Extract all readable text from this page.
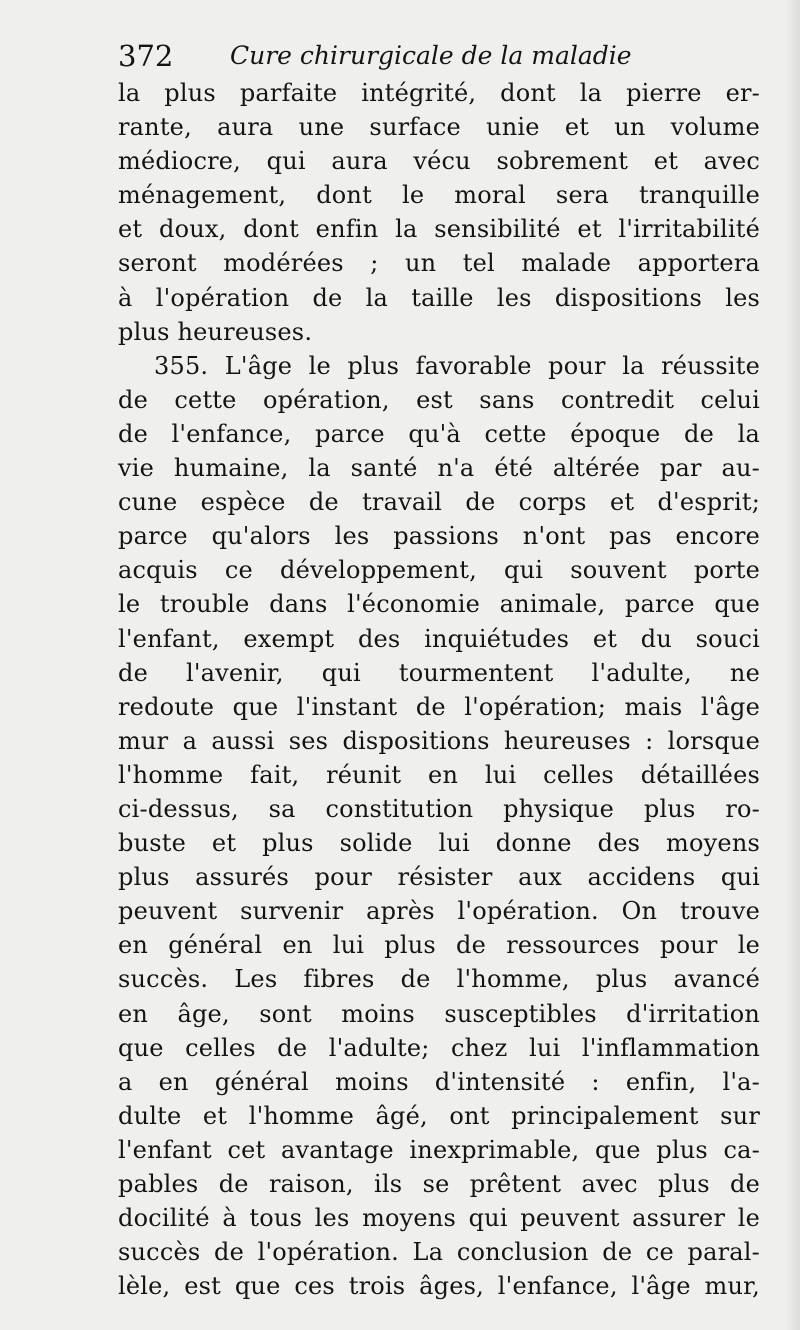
372 Cure chirurgicale de la maladie
la plus parfaite intégrité, dont la pierre er-
rante, aura une surface unie et un volume
médiocre, qui aura vécu sobrement et avec
ménagement, dont le moral sera tranquille
et doux, dont enfin la sensibilité et l'irritabilité
seront modérées ; un tel malade apportera
à l'opération de la taille les dispositions les
plus heureuses.
355. L'âge le plus favorable pour la réussite
de cette opération, est sans contredit celui
de l'enfance, parce qu'à cette époque de la
vie humaine, la santé n'a été altérée par au-
cune espèce de travail de corps et d'esprit;
parce qu'alors les passions n'ont pas encore
acquis ce développement, qui souvent porte
le trouble dans l'économie animale, parce que
l'enfant, exempt des inquiétudes et du souci
de l'avenir, qui tourmentent l'adulte, ne
redoute que l'instant de l'opération; mais l'âge
mur a aussi ses dispositions heureuses : lorsque
l'homme fait, réunit en lui celles détaillées
ci-dessus, sa constitution physique plus ro-
buste et plus solide lui donne des moyens
plus assurés pour résister aux accidens qui
peuvent survenir après l'opération. On trouve
en général en lui plus de ressources pour le
succès. Les fibres de l'homme, plus avancé
en âge, sont moins susceptibles d'irritation
que celles de l'adulte; chez lui l'inflammation
a en général moins d'intensité : enfin, l'a-
dulte et l'homme âgé, ont principalement sur
l'enfant cet avantage inexprimable, que plus ca-
pables de raison, ils se prêtent avec plus de
docilité à tous les moyens qui peuvent assurer le
succès de l'opération. La conclusion de ce paral-
lèle, est que ces trois âges, l'enfance, l'âge mur,
